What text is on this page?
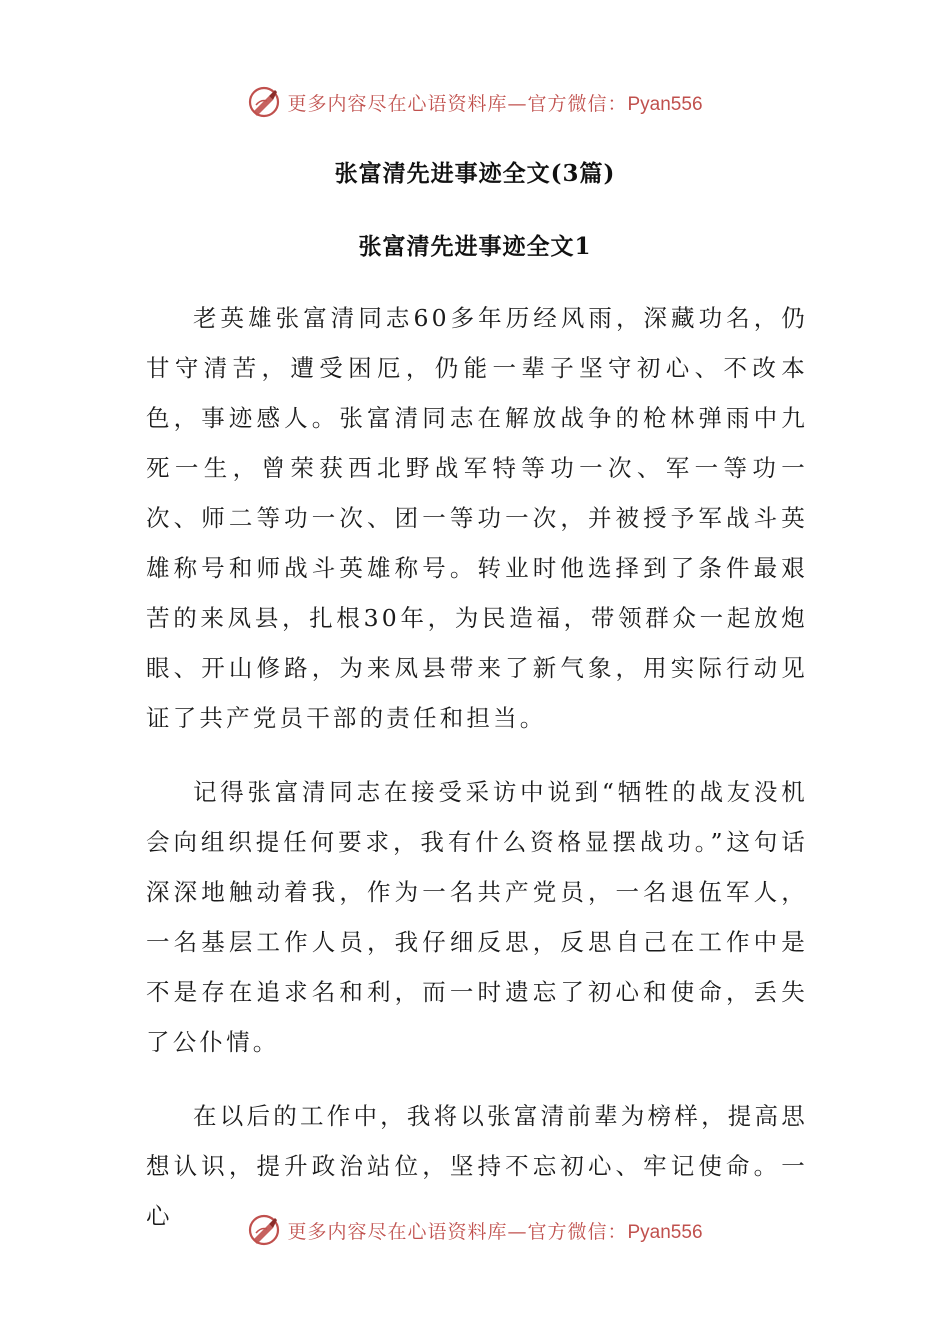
更多内容尽在心语资料库—官方微信：Pyan556
张富清先进事迹全文(3篇)
张富清先进事迹全文1

老英雄张富清同志60多年历经风雨，深藏功名，仍甘守清苦，遭受困厄，仍能一辈子坚守初心、不改本色，事迹感人。张富清同志在解放战争的枪林弹雨中九死一生，曾荣获西北野战军特等功一次、军一等功一次、师二等功一次、团一等功一次，并被授予军战斗英雄称号和师战斗英雄称号。转业时他选择到了条件最艰苦的来凤县，扎根30年，为民造福，带领群众一起放炮眼、开山修路，为来凤县带来了新气象，用实际行动见证了共产党员干部的责任和担当。

记得张富清同志在接受采访中说到“牺牲的战友没机会向组织提任何要求，我有什么资格显摆战功。”这句话深深地触动着我，作为一名共产党员，一名退伍军人，一名基层工作人员，我仔细反思，反思自己在工作中是不是存在追求名和利，而一时遗忘了初心和使命，丢失了公仆情。

在以后的工作中，我将以张富清前辈为榜样，提高思想认识，提升政治站位，坚持不忘初心、牢记使命。一心

更多内容尽在心语资料库—官方微信：Pyan556
